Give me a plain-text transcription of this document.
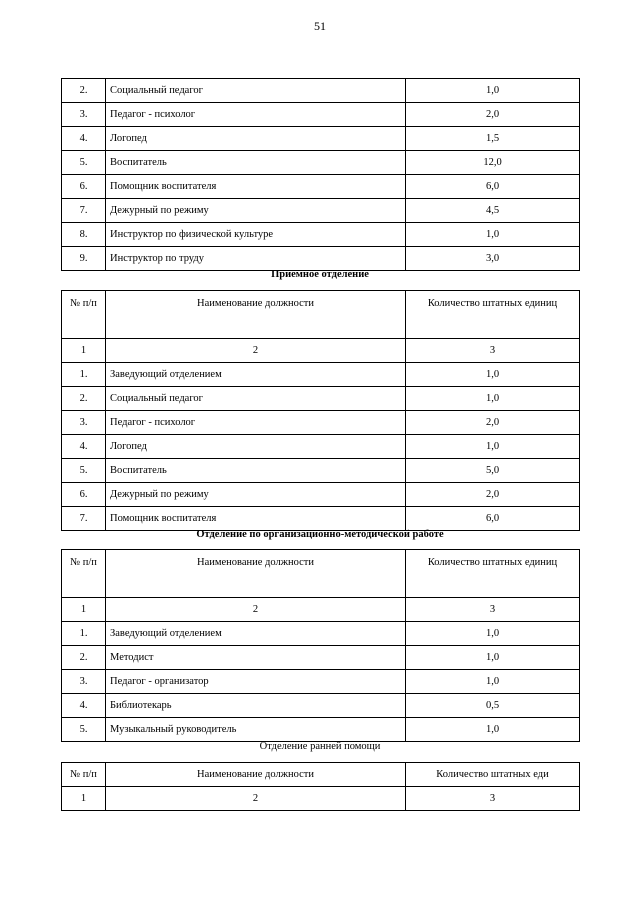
51
2.	Социальный педагог	1,0
3.	Педагог - психолог	2,0
4.	Логопед	1,5
5.	Воспитатель	12,0
6.	Помощник воспитателя	6,0
7.	Дежурный по режиму	4,5
8.	Инструктор по физической культуре	1,0
9.	Инструктор по труду	3,0
Приемное отделение
№ п/п	Наименование должности	Количество штатных единиц
1	2	3
1.	Заведующий отделением	1,0
2.	Социальный педагог	1,0
3.	Педагог - психолог	2,0
4.	Логопед	1,0
5.	Воспитатель	5,0
6.	Дежурный по режиму	2,0
7.	Помощник воспитателя	6,0
Отделение по организационно-методической работе
№ п/п	Наименование должности	Количество штатных единиц
1	2	3
1.	Заведующий отделением	1,0
2.	Методист	1,0
3.	Педагог - организатор	1,0
4.	Библиотекарь	0,5
5.	Музыкальный руководитель	1,0
Отделение ранней помощи
№ п/п	Наименование должности	Количество штатных еди
1	2	3
